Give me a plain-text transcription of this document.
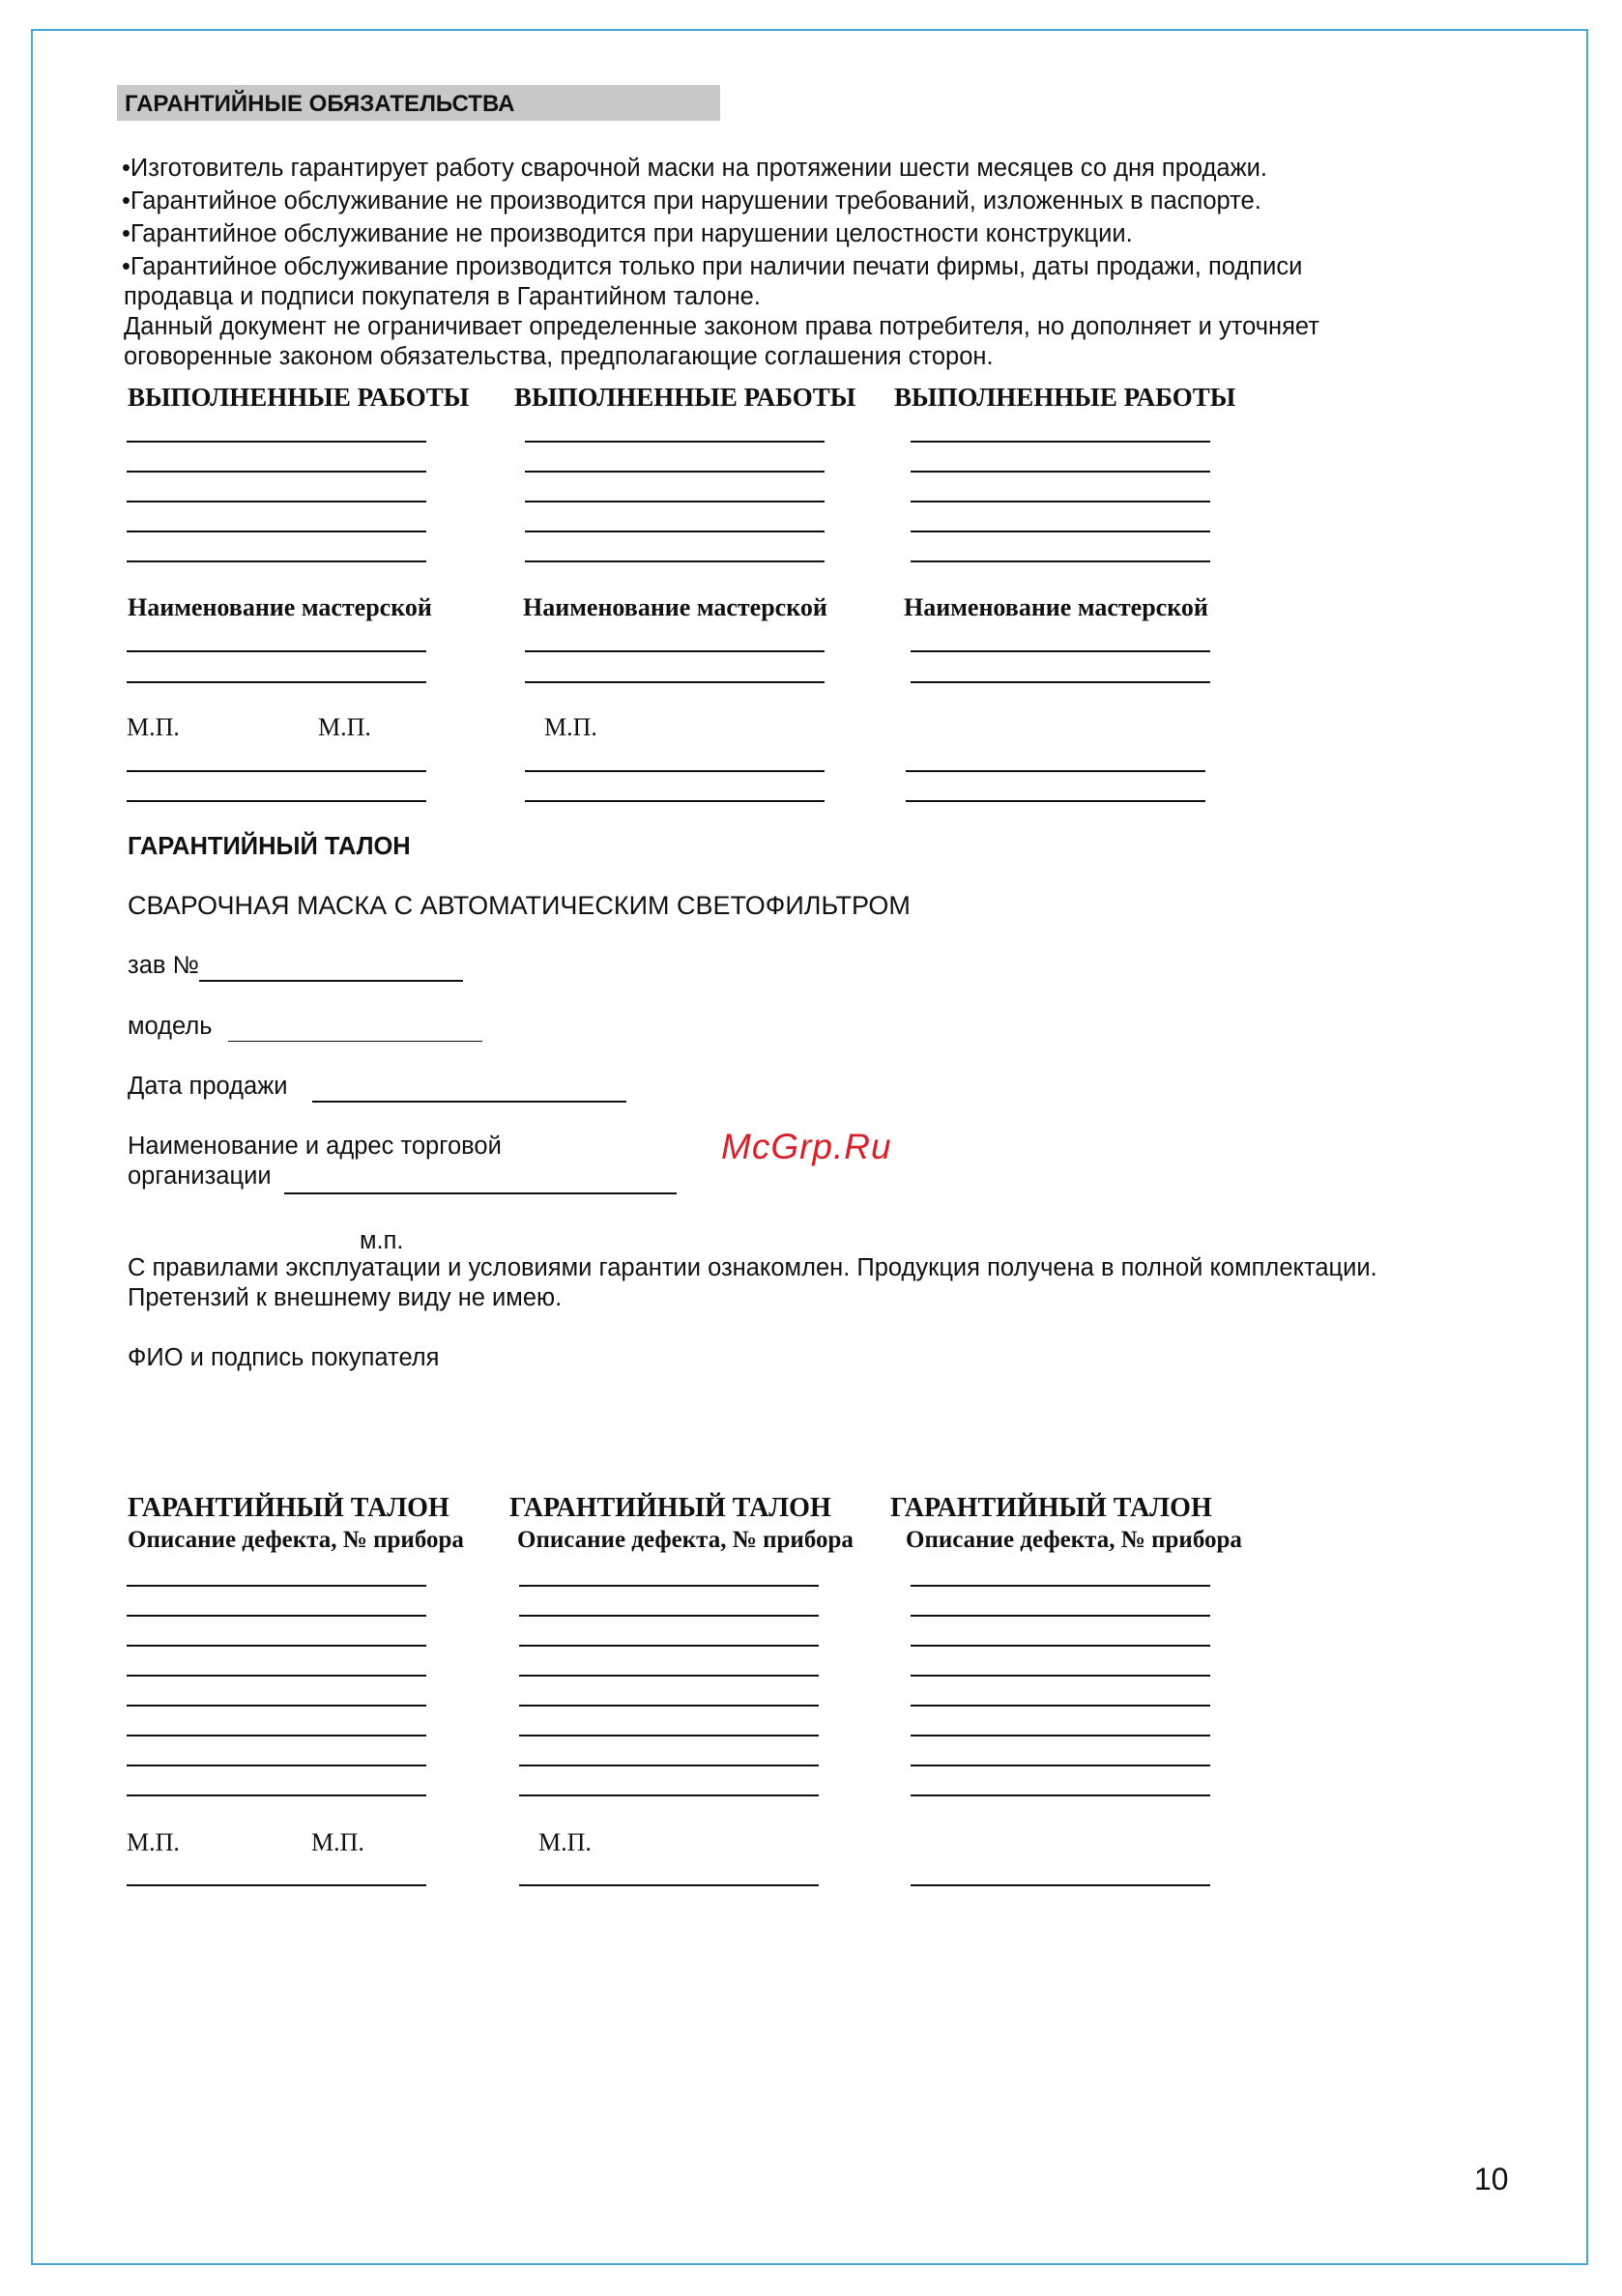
ГАРАНТИЙНЫЕ ОБЯЗАТЕЛЬСТВА
•Изготовитель гарантирует работу сварочной маски на протяжении шести месяцев со дня продажи.
•Гарантийное обслуживание не производится при нарушении требований, изложенных в паспорте.
•Гарантийное обслуживание не производится при нарушении целостности конструкции.
•Гарантийное обслуживание производится только при наличии печати фирмы, даты продажи, подписи
продавца и подписи покупателя в Гарантийном талоне.
Данный документ не ограничивает определенные законом права потребителя, но дополняет и уточняет
оговоренные законом обязательства, предполагающие соглашения сторон.
ВЫПОЛНЕННЫЕ РАБОТЫ ВЫПОЛНЕННЫЕ РАБОТЫ ВЫПОЛНЕННЫЕ РАБОТЫ
Наименование мастерской	Наименование мастерской	Наименование мастерской
М.П.	М.П.	М.П.
ГАРАНТИЙНЫЙ ТАЛОН
СВАРОЧНАЯ МАСКА С АВТОМАТИЧЕСКИМ СВЕТОФИЛЬТРОМ
зав №
модель
Дата продажи
Наименование и адрес торговой
организации
McGrp.Ru
м.п.
С правилами эксплуатации и условиями гарантии ознакомлен. Продукция получена в полной комплектации.
Претензий к внешнему виду не имею.
ФИО и подпись покупателя
ГАРАНТИЙНЫЙ ТАЛОН ГАРАНТИЙНЫЙ ТАЛОН ГАРАНТИЙНЫЙ ТАЛОН
Описание дефекта, № прибора Описание дефекта, № прибора Описание дефекта, № прибора
М.П.	М.П.	М.П.
10
